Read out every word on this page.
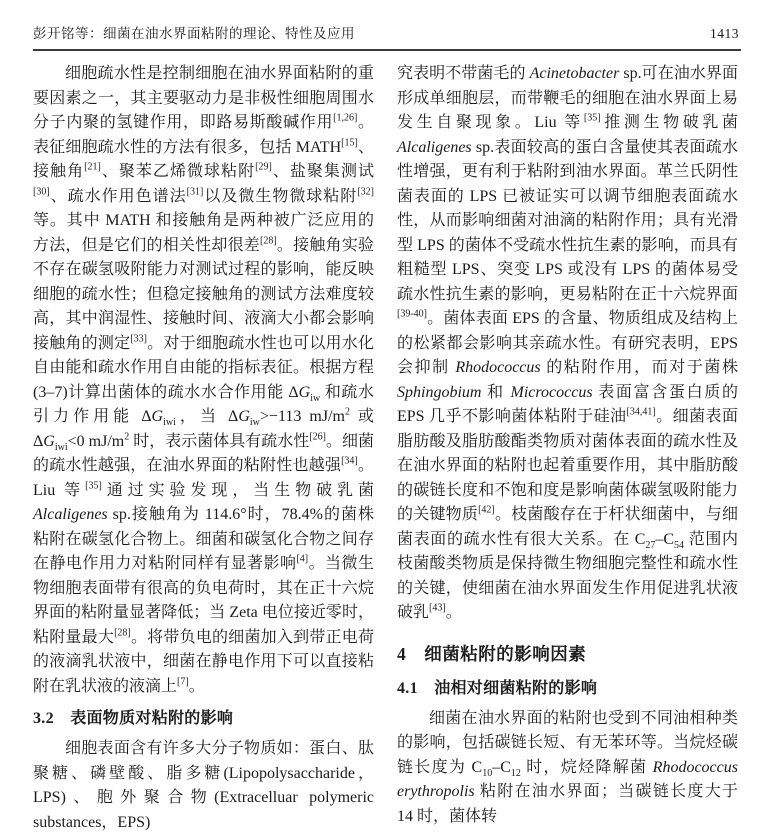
彭开铭等：细菌在油水界面粘附的理论、特性及应用	1413
细胞疏水性是控制细胞在油水界面粘附的重要因素之一，其主要驱动力是非极性细胞周围水分子内聚的氢键作用，即路易斯酸碱作用[1,26]。表征细胞疏水性的方法有很多，包括 MATH[15]、接触角[21]、聚苯乙烯微球粘附[29]、盐聚集测试[30]、疏水作用色谱法[31]以及微生物微球粘附[32]等。其中 MATH 和接触角是两种被广泛应用的方法，但是它们的相关性却很差[28]。接触角实验不存在碳氢吸附能力对测试过程的影响，能反映细胞的疏水性；但稳定接触角的测试方法难度较高，其中润湿性、接触时间、液滴大小都会影响接触角的测定[33]。对于细胞疏水性也可以用水化自由能和疏水作用自由能的指标表征。根据方程(3–7)计算出菌体的疏水水合作用能 $\Delta G_{iw}$ 和疏水引力作用能 $\Delta G_{iwi}$，当 $\Delta G_{iw}>-113$ $mJ/m^2$ 或 $\Delta G_{iwi}<0$ $mJ/m^2$ 时，表示菌体具有疏水性[26]。细菌的疏水性越强，在油水界面的粘附性也越强[34]。Liu 等[35]通过实验发现，当生物破乳菌 Alcaligenes sp.接触角为 114.6°时，78.4%的菌株粘附在碳氢化合物上。细菌和碳氢化合物之间存在静电作用力对粘附同样有显著影响[4]。当微生物细胞表面带有很高的负电荷时，其在正十六烷界面的粘附量显著降低；当 Zeta 电位接近零时，粘附量最大[28]。将带负电的细菌加入到带正电荷的液滴乳状液中，细菌在静电作用下可以直接粘附在乳状液的液滴上[7]。
3.2　表面物质对粘附的影响
细胞表面含有许多大分子物质如：蛋白、肽聚糖、磷壁酸、脂多糖(Lipopolysaccharide，LPS)、胞外聚合物(Extracelluar polymeric substances，EPS)
究表明不带菌毛的 Acinetobacter sp.可在油水界面形成单细胞层，而带鞭毛的细胞在油水界面上易发生自聚现象。Liu 等[35]推测生物破乳菌 Alcaligenes sp.表面较高的蛋白含量使其表面疏水性增强，更有利于粘附到油水界面。革兰氏阴性菌表面的 LPS 已被证实可以调节细胞表面疏水性，从而影响细菌对油滴的粘附作用；具有光滑型 LPS 的菌体不受疏水性抗生素的影响，而具有粗糙型 LPS、突变 LPS 或没有 LPS 的菌体易受疏水性抗生素的影响，更易粘附在正十六烷界面[39-40]。菌体表面 EPS 的含量、物质组成及结构上的松紧都会影响其亲疏水性。有研究表明，EPS 会抑制 Rhodococcus 的粘附作用，而对于菌株 Sphingobium 和 Micrococcus 表面富含蛋白质的 EPS 几乎不影响菌体粘附于硅油[34,41]。细菌表面脂肪酸及脂肪酸酯类物质对菌体表面的疏水性及在油水界面的粘附也起着重要作用，其中脂肪酸的碳链长度和不饱和度是影响菌体碳氢吸附能力的关键物质[42]。枝菌酸存在于杆状细菌中，与细菌表面的疏水性有很大关系。在 $C_{27}-C_{54}$ 范围内枝菌酸类物质是保持微生物细胞完整性和疏水性的关键，使细菌在油水界面发生作用促进乳状液破乳[43]。
4　细菌粘附的影响因素
4.1　油相对细菌粘附的影响
细菌在油水界面的粘附也受到不同油相种类的影响，包括碳链长短、有无苯环等。当烷烃碳链长度为 $C_{10}-C_{12}$ 时，烷烃降解菌 Rhodococcus erythropolis 粘附在油水界面；当碳链长度大于 14 时，菌体转
